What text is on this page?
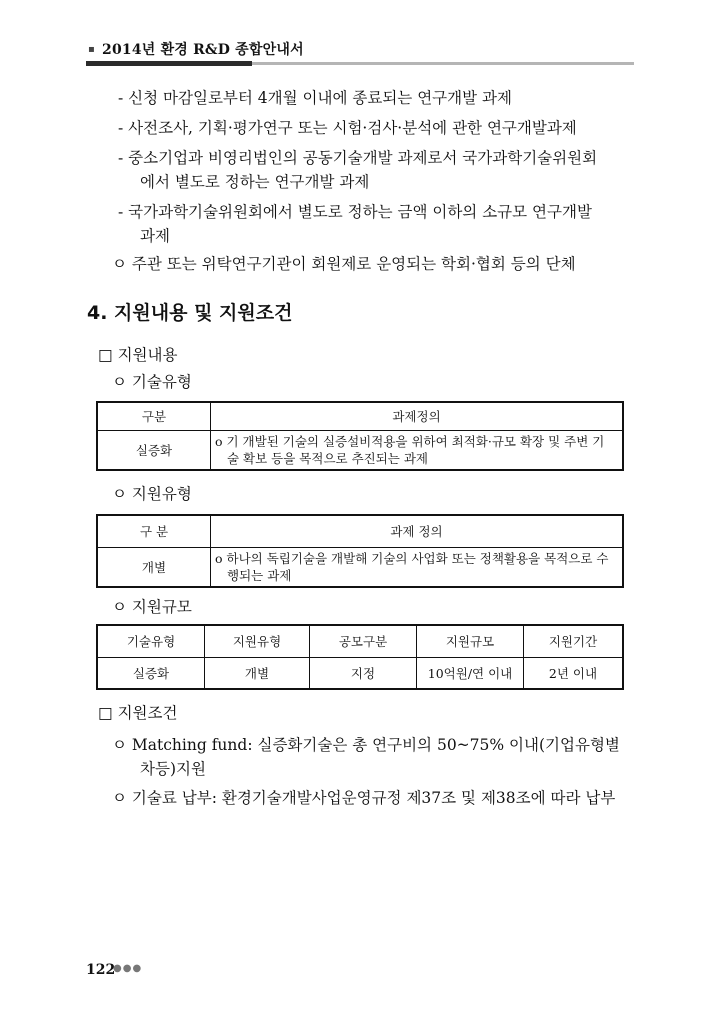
▪ 2014년 환경 R&D 종합안내서
- 신청 마감일로부터 4개월 이내에 종료되는 연구개발 과제
- 사전조사, 기획·평가연구 또는 시험·검사·분석에 관한 연구개발과제
- 중소기업과 비영리법인의 공동기술개발 과제로서 국가과학기술위원회
에서 별도로 정하는 연구개발 과제
- 국가과학기술위원회에서 별도로 정하는 금액 이하의 소규모 연구개발
과제
ㅇ 주관 또는 위탁연구기관이 회원제로 운영되는 학회·협회 등의 단체
4. 지원내용 및 지원조건
□ 지원내용
ㅇ 기술유형
구분	과제정의
실증화	o 기 개발된 기술의 실증설비적용을 위하여 최적화·규모 확장 및 주변 기술 확보 등을 목적으로 추진되는 과제
ㅇ 지원유형
구 분	과제 정의
개별	o 하나의 독립기술을 개발해 기술의 사업화 또는 정책활용을 목적으로 수행되는 과제
ㅇ 지원규모
기술유형	지원유형	공모구분	지원규모	지원기간
실증화	개별	지정	10억원/연 이내	2년 이내
□ 지원조건
ㅇ Matching fund: 실증화기술은 총 연구비의 50~75% 이내(기업유형별
차등)지원
ㅇ 기술료 납부: 환경기술개발사업운영규정 제37조 및 제38조에 따라 납부
122
●●●
